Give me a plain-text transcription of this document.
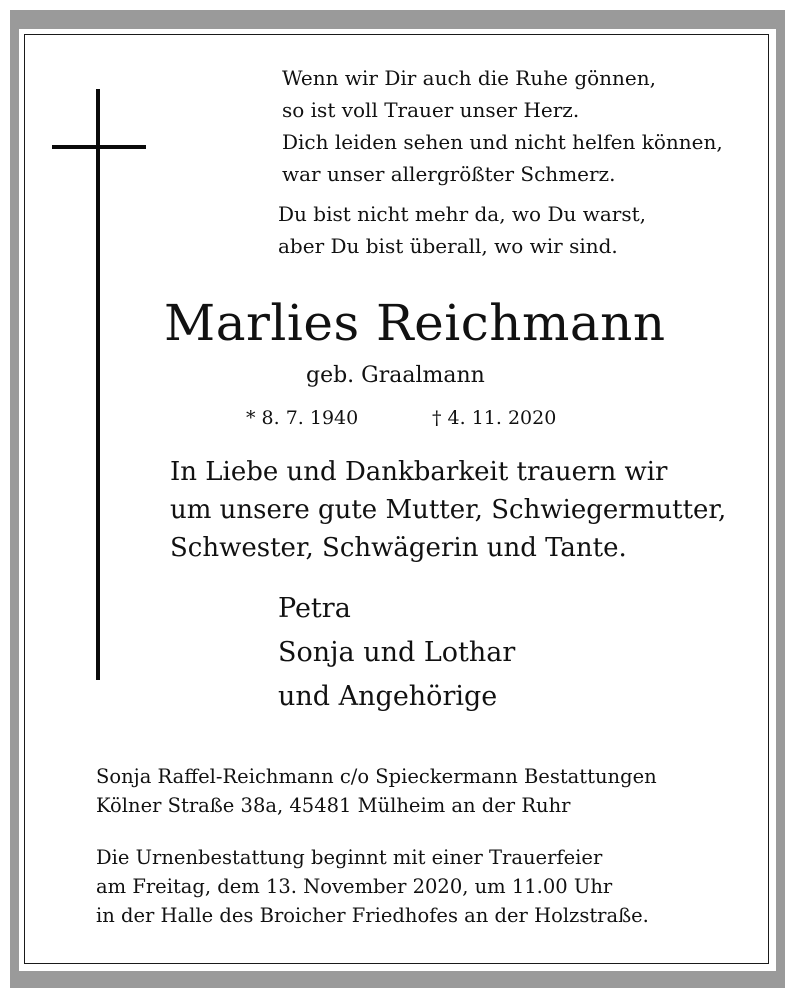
Wenn wir Dir auch die Ruhe gönnen,
so ist voll Trauer unser Herz.
Dich leiden sehen und nicht helfen können,
war unser allergrößter Schmerz.
Du bist nicht mehr da, wo Du warst,
aber Du bist überall, wo wir sind.
Marlies Reichmann
geb. Graalmann
* 8. 7. 1940	† 4. 11. 2020
In Liebe und Dankbarkeit trauern wir
um unsere gute Mutter, Schwiegermutter,
Schwester, Schwägerin und Tante.
Petra
Sonja und Lothar
und Angehörige
Sonja Raffel-Reichmann c/o Spieckermann Bestattungen
Kölner Straße 38a, 45481 Mülheim an der Ruhr
Die Urnenbestattung beginnt mit einer Trauerfeier
am Freitag, dem 13. November 2020, um 11.00 Uhr
in der Halle des Broicher Friedhofes an der Holzstraße.
